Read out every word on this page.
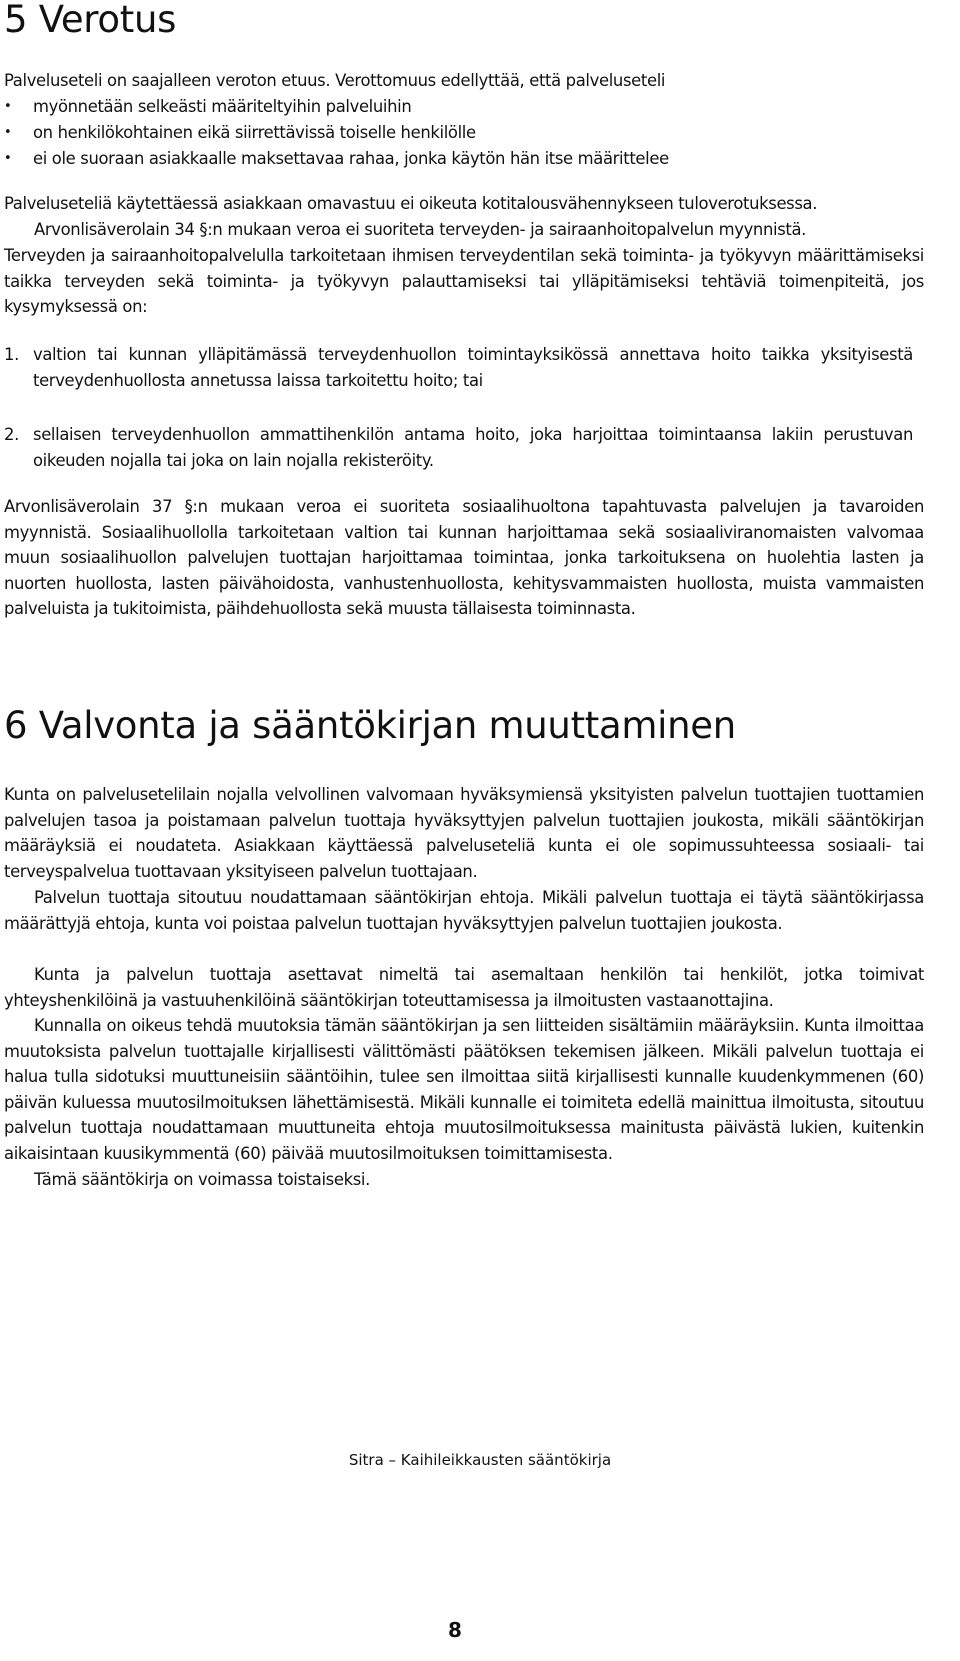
5 Verotus
Palveluseteli on saajalleen veroton etuus. Verottomuus edellyttää, että palveluseteli
• myönnetään selkeästi määriteltyihin palveluihin
• on henkilökohtainen eikä siirrettävissä toiselle henkilölle
• ei ole suoraan asiakkaalle maksettavaa rahaa, jonka käytön hän itse määrittelee
Palveluseteliä käytettäessä asiakkaan omavastuu ei oikeuta kotitalousvähennykseen tuloverotuksessa.
Arvonlisäverolain 34 §:n mukaan veroa ei suoriteta terveyden- ja sairaanhoitopalvelun myynnistä.

Terveyden ja sairaanhoitopalvelulla tarkoitetaan ihmisen terveydentilan sekä toiminta- ja työkyvyn määrittämiseksi taikka terveyden sekä toiminta- ja työkyvyn palauttamiseksi tai ylläpitämiseksi tehtäviä toimenpiteitä, jos kysymyksessä on:

1. valtion tai kunnan ylläpitämässä terveydenhuollon toimintayksikössä annettava hoito taikka yksityisestä terveydenhuollosta annetussa laissa tarkoitettu hoito; tai
2. sellaisen terveydenhuollon ammattihenkilön antama hoito, joka harjoittaa toimintaansa lakiin perustuvan oikeuden nojalla tai joka on lain nojalla rekisteröity.

Arvonlisäverolain 37 §:n mukaan veroa ei suoriteta sosiaalihuoltona tapahtuvasta palvelujen ja tavaroiden myynnistä. Sosiaalihuollolla tarkoitetaan valtion tai kunnan harjoittamaa sekä sosiaaliviranomaisten valvomaa muun sosiaalihuollon palvelujen tuottajan harjoittamaa toimintaa, jonka tarkoituksena on huolehtia lasten ja nuorten huollosta, lasten päivähoidosta, vanhustenhuollosta, kehitysvammaisten huollosta, muista vammaisten palveluista ja tukitoimista, päihdehuollosta sekä muusta tällaisesta toiminnasta.

6 Valvonta ja sääntökirjan muuttaminen

Kunta on palvelusetelilain nojalla velvollinen valvomaan hyväksymiensä yksityisten palvelun tuottajien tuottamien palvelujen tasoa ja poistamaan palvelun tuottaja hyväksyttyjen palvelun tuottajien joukosta, mikäli sääntökirjan määräyksiä ei noudateta. Asiakkaan käyttäessä palveluseteliä kunta ei ole sopimussuhteessa sosiaali- tai terveyspalvelua tuottavaan yksityiseen palvelun tuottajaan.

Palvelun tuottaja sitoutuu noudattamaan sääntökirjan ehtoja. Mikäli palvelun tuottaja ei täytä sääntökirjassa määrättyjä ehtoja, kunta voi poistaa palvelun tuottajan hyväksyttyjen palvelun tuottajien joukosta.

Kunta ja palvelun tuottaja asettavat nimeltä tai asemaltaan henkilön tai henkilöt, jotka toimivat yhteyshenkilöinä ja vastuuhenkilöinä sääntökirjan toteuttamisessa ja ilmoitusten vastaanottajina.

Kunnalla on oikeus tehdä muutoksia tämän sääntökirjan ja sen liitteiden sisältämiin määräyksiin. Kunta ilmoittaa muutoksista palvelun tuottajalle kirjallisesti välittömästi päätöksen tekemisen jälkeen. Mikäli palvelun tuottaja ei halua tulla sidotuksi muuttuneisiin sääntöihin, tulee sen ilmoittaa siitä kirjallisesti kunnalle kuudenkymmenen (60) päivän kuluessa muutosilmoituksen lähettämisestä. Mikäli kunnalle ei toimiteta edellä mainittua ilmoitusta, sitoutuu palvelun tuottaja noudattamaan muuttuneita ehtoja muutosilmoituksessa mainitusta päivästä lukien, kuitenkin aikaisintaan kuusikymmentä (60) päivää muutosilmoituksen toimittamisesta.

Tämä sääntökirja on voimassa toistaiseksi.

Sitra – Kaihileikkausten sääntökirja
8
